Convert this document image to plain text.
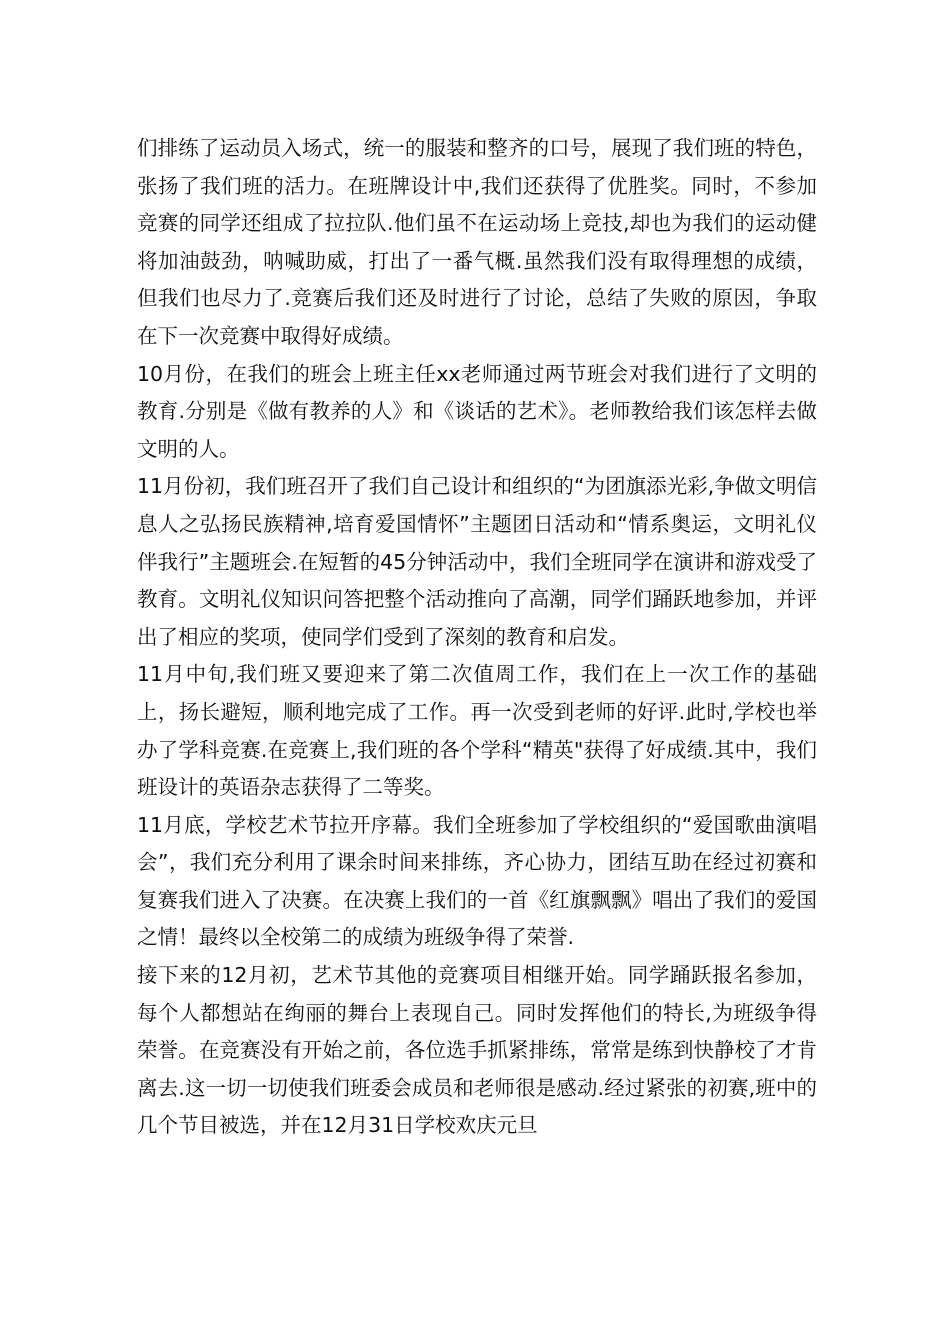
们排练了运动员入场式，统一的服装和整齐的口号，展现了我们班的特色，张扬了我们班的活力。在班牌设计中,我们还获得了优胜奖。同时，不参加竞赛的同学还组成了拉拉队.他们虽不在运动场上竞技,却也为我们的运动健将加油鼓劲，呐喊助威，打出了一番气概.虽然我们没有取得理想的成绩，但我们也尽力了.竞赛后我们还及时进行了讨论，总结了失败的原因，争取在下一次竞赛中取得好成绩。

10月份，在我们的班会上班主任xx老师通过两节班会对我们进行了文明的教育.分别是《做有教养的人》和《谈话的艺术》。老师教给我们该怎样去做文明的人。

11月份初，我们班召开了我们自己设计和组织的“为团旗添光彩,争做文明信息人之弘扬民族精神,培育爱国情怀”主题团日活动和“情系奥运，文明礼仪伴我行”主题班会.在短暂的45分钟活动中，我们全班同学在演讲和游戏受了教育。文明礼仪知识问答把整个活动推向了高潮，同学们踊跃地参加，并评出了相应的奖项，使同学们受到了深刻的教育和启发。

11月中旬,我们班又要迎来了第二次值周工作，我们在上一次工作的基础上，扬长避短，顺利地完成了工作。再一次受到老师的好评.此时,学校也举办了学科竞赛.在竞赛上,我们班的各个学科“精英"获得了好成绩.其中，我们班设计的英语杂志获得了二等奖。

11月底，学校艺术节拉开序幕。我们全班参加了学校组织的“爱国歌曲演唱会”，我们充分利用了课余时间来排练，齐心协力，团结互助在经过初赛和复赛我们进入了决赛。在决赛上我们的一首《红旗飘飘》唱出了我们的爱国之情！最终以全校第二的成绩为班级争得了荣誉.

接下来的12月初，艺术节其他的竞赛项目相继开始。同学踊跃报名参加，每个人都想站在绚丽的舞台上表现自己。同时发挥他们的特长,为班级争得荣誉。在竞赛没有开始之前，各位选手抓紧排练，常常是练到快静校了才肯离去.这一切一切使我们班委会成员和老师很是感动.经过紧张的初赛,班中的几个节目被选，并在12月31日学校欢庆元旦
